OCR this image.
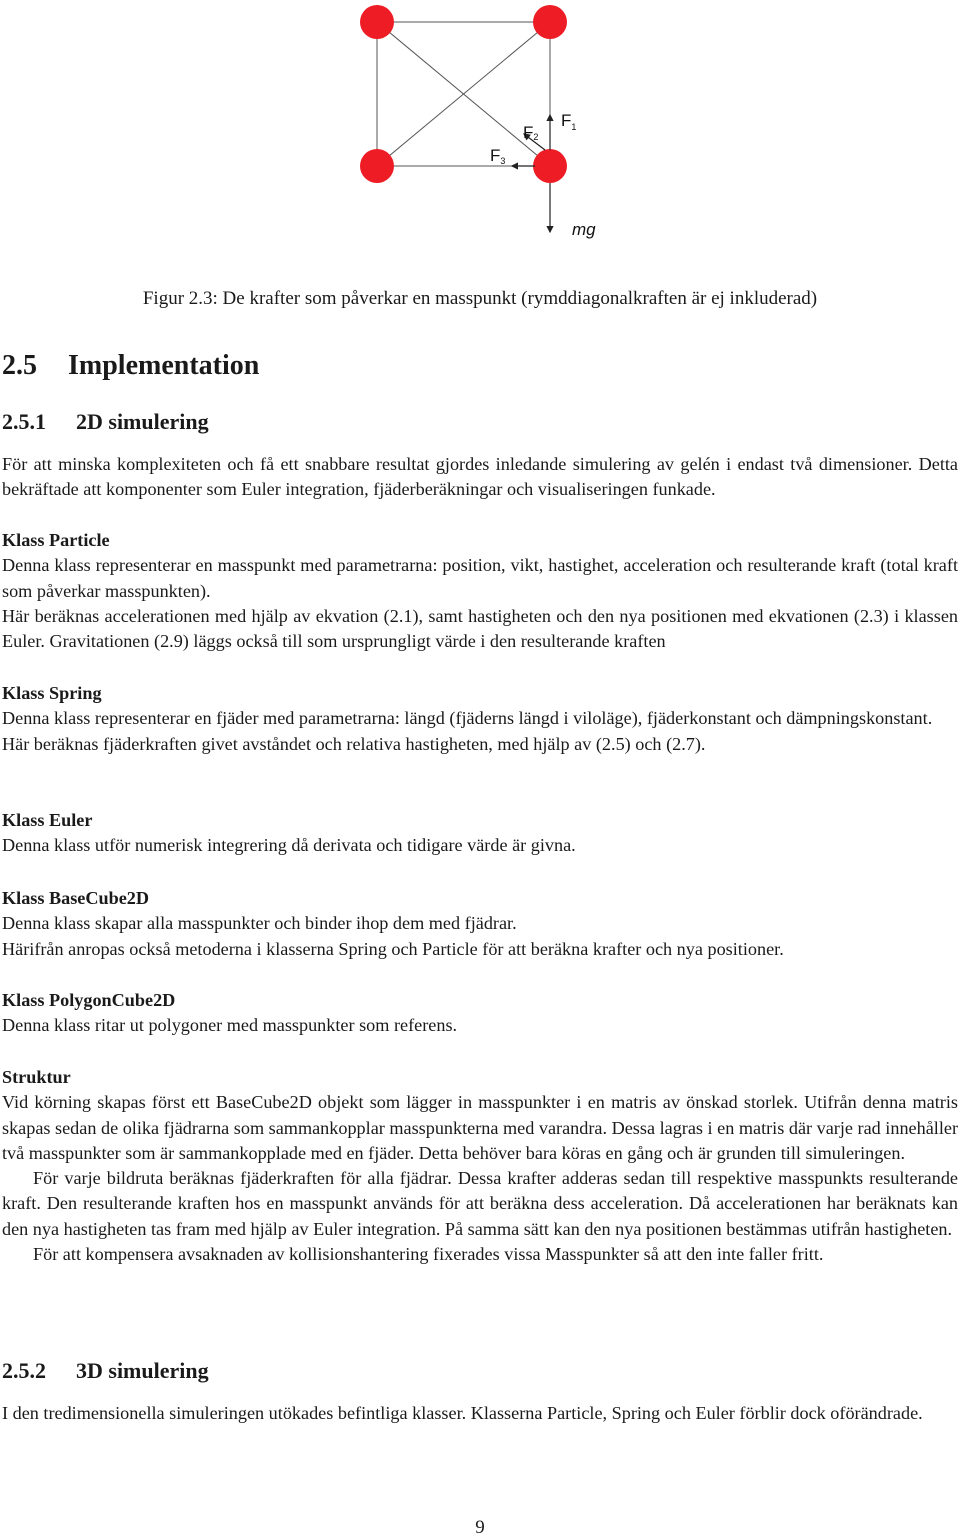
$F_1$
F2
F3
mg
Figur 2.3: De krafter som påverkar en masspunkt (rymddiagonalkraften är ej inkluderad)
2.5 Implementation
2.5.1 2D simulering

För att minska komplexiteten och få ett snabbare resultat gjordes inledande simulering av gelén i endast två dimensioner. Detta bekräftade att komponenter som Euler integration, fjäderberäkningar och visualiseringen funkade.

Klass Particle

Denna klass representerar en masspunkt med parametrarna: position, vikt, hastighet, acceleration och resulterande kraft (total kraft som påverkar masspunkten).

Här beräknas accelerationen med hjälp av ekvation (2.1), samt hastigheten och den nya positionen med ekvationen (2.3) i klassen Euler. Gravitationen (2.9) läggs också till som ursprungligt värde i den resulterande kraften

Klass Spring

Denna klass representerar en fjäder med parametrarna: längd (fjäderns längd i viloläge), fjäderkonstant och dämpningskonstant.

Här beräknas fjäderkraften givet avståndet och relativa hastigheten, med hjälp av (2.5) och (2.7).

Klass Euler

Denna klass utför numerisk integrering då derivata och tidigare värde är givna.

Klass BaseCube2D

Denna klass skapar alla masspunkter och binder ihop dem med fjädrar.

Härifrån anropas också metoderna i klasserna Spring och Particle för att beräkna krafter och nya positioner.

Klass PolygonCube2D

Denna klass ritar ut polygoner med masspunkter som referens.

Struktur

Vid körning skapas först ett BaseCube2D objekt som lägger in masspunkter i en matris av önskad storlek. Utifrån denna matris skapas sedan de olika fjädrarna som sammankopplar masspunkterna med varandra. Dessa lagras i en matris där varje rad innehåller två masspunkter som är sammankopplade med en fjäder. Detta behöver bara köras en gång och är grunden till simuleringen.

För varje bildruta beräknas fjäderkraften för alla fjädrar. Dessa krafter adderas sedan till respektive masspunkts resulterande kraft. Den resulterande kraften hos en masspunkt används för att beräkna dess acceleration. Då accelerationen har beräknats kan den nya hastigheten tas fram med hjälp av Euler integration. På samma sätt kan den nya positionen bestämmas utifrån hastigheten.

För att kompensera avsaknaden av kollisionshantering fixerades vissa Masspunkter så att den inte faller fritt.

2.5.2 3D simulering

I den tredimensionella simuleringen utökades befintliga klasser. Klasserna Particle, Spring och Euler förblir dock oförändrade.

9
